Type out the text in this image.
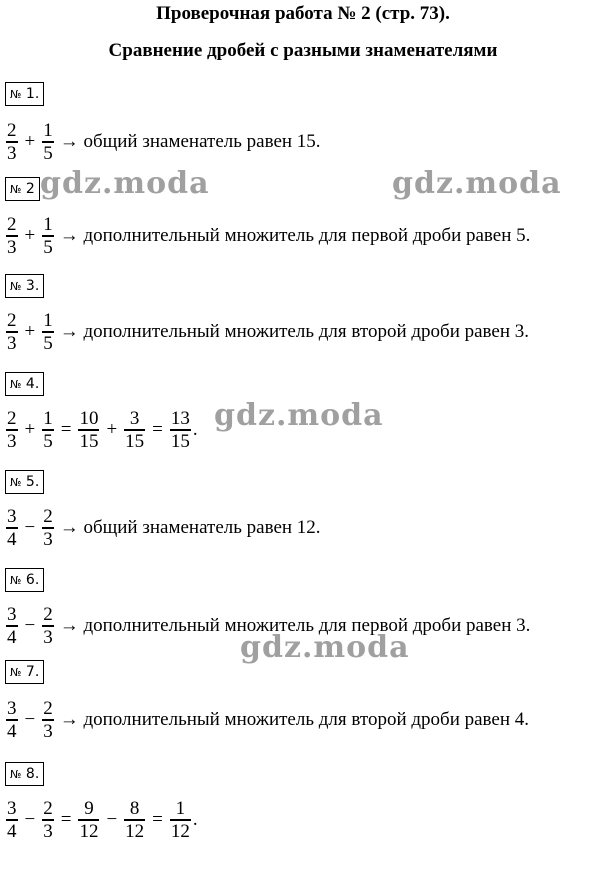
Проверочная работа № 2 (стр. 73).
Сравнение дробей с разными знаменателями
№ 1.
$\frac{2}{3} + \frac{1}{5}$ → общий знаменатель равен 15.
№ 2
$\frac{2}{3} + \frac{1}{5}$ → дополнительный множитель для первой дроби равен 5.
№ 3.
$\frac{2}{3} + \frac{1}{5}$ → дополнительный множитель для второй дроби равен 3.
№ 4.
$\frac{2}{3} + \frac{1}{5} = \frac{10}{15} + \frac{3}{15} = \frac{13}{15}$ .
№ 5.
$\frac{3}{4} - \frac{2}{3}$ → общий знаменатель равен 12.
№ 6.
$\frac{3}{4} - \frac{2}{3}$ → дополнительный множитель для первой дроби равен 3.
№ 7.
$\frac{3}{4} - \frac{2}{3}$ → дополнительный множитель для второй дроби равен 4.
№ 8.
$\frac{3}{4} - \frac{2}{3} = \frac{9}{12} - \frac{8}{12} = \frac{1}{12}$ .
gdz.moda	gdz.moda
gdz.moda
gdz.moda
